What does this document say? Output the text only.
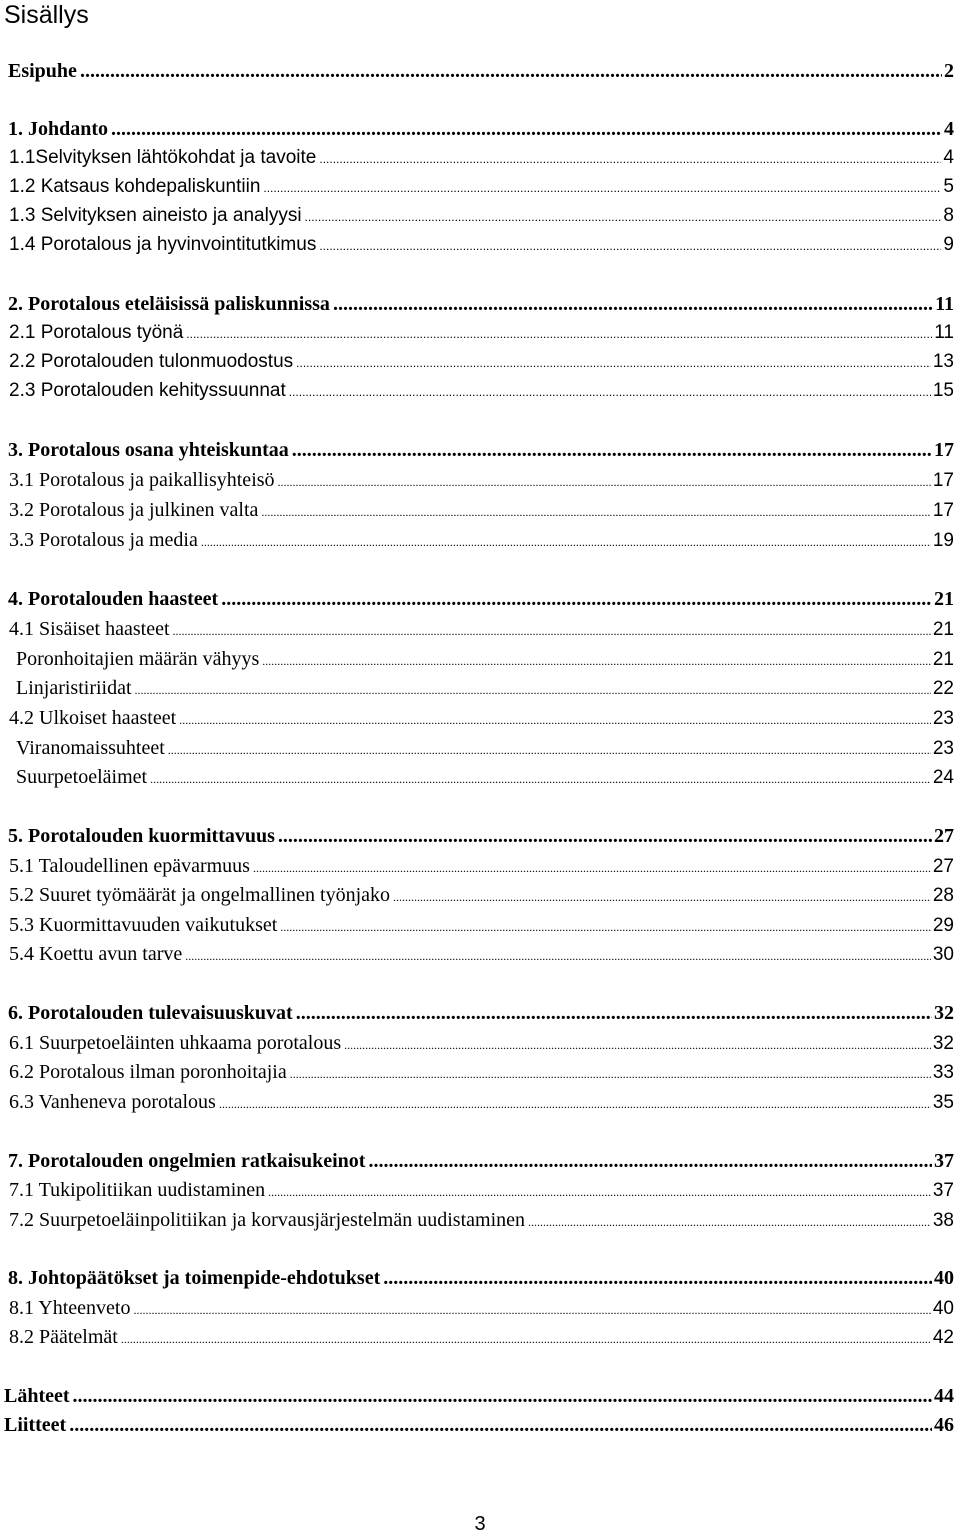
Sisällys
Esipuhe .....	2
1. Johdanto .....	4
1.1Selvityksen lähtökohdat ja tavoite .....	4
1.2 Katsaus kohdepaliskuntiin .....	5
1.3 Selvityksen aineisto ja analyysi .....	8
1.4 Porotalous ja hyvinvointitutkimus .....	9
2. Porotalous eteläisissä paliskunnissa .....	11
2.1 Porotalous työnä .....	11
2.2 Porotalouden tulonmuodostus .....	13
2.3 Porotalouden kehityssuunnat .....	15
3. Porotalous osana yhteiskuntaa .....	17
3.1 Porotalous ja paikallisyhteisö .....	17
3.2 Porotalous ja julkinen valta .....	17
3.3 Porotalous ja media .....	19
4. Porotalouden haasteet .....	21
4.1 Sisäiset haasteet .....	21
Poronhoitajien määrän vähyys .....	21
Linjaristiriidat .....	22
4.2 Ulkoiset haasteet .....	23
Viranomaissuhteet .....	23
Suurpetoeläimet .....	24
5. Porotalouden kuormittavuus .....	27
5.1 Taloudellinen epävarmuus .....	27
5.2 Suuret työmäärät ja ongelmallinen työnjako .....	28
5.3 Kuormittavuuden vaikutukset .....	29
5.4 Koettu avun tarve .....	30
6. Porotalouden tulevaisuuskuvat .....	32
6.1 Suurpetoeläinten uhkaama porotalous .....	32
6.2 Porotalous ilman poronhoitajia .....	33
6.3 Vanheneva porotalous .....	35
7. Porotalouden ongelmien ratkaisukeinot .....	37
7.1 Tukipolitiikan uudistaminen .....	37
7.2 Suurpetoeläinpolitiikan ja korvausjärjestelmän uudistaminen .....	38
8. Johtopäätökset ja toimenpide-ehdotukset .....	40
8.1 Yhteenveto .....	40
8.2 Päätelmät .....	42
Lähteet .....	44
Liitteet .....	46
3
